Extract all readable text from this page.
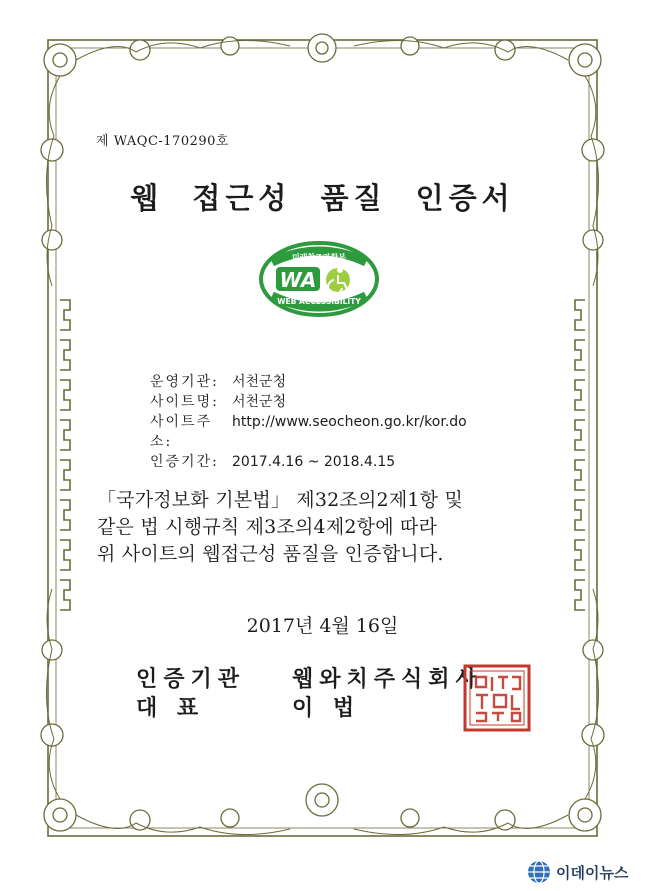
제 WAQC-170290호
웹 접근성 품질 인증서
미래창조과학부
WA
WEB ACCESSIBILITY
운영기관: 서천군청
사이트명: 서천군청
사이트주소:
http://www.seocheon.go.kr/kor.do
인증기간: 2017.4.16 ~ 2018.4.15
「국가정보화 기본법」 제32조의2제1항 및
같은 법 시행규칙 제3조의4제2항에 따라
위 사이트의 웹접근성 품질을 인증합니다.
2017년 4월 16일
인증기관	웹와치주식회사
대 표	이 법
이데이뉴스
